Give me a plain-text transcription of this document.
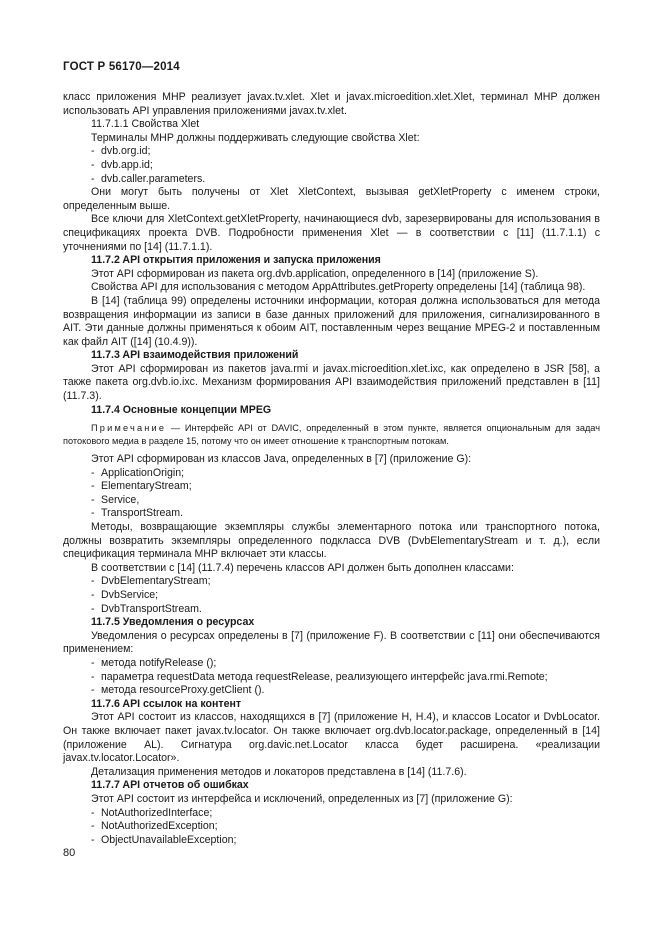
ГОСТ Р 56170—2014
класс приложения MHP реализует javax.tv.xlet. Xlet и javax.microedition.xlet.Xlet, терминал MHP должен использовать API управления приложениями javax.tv.xlet.
11.7.1.1 Свойства Xlet
Терминалы MHP должны поддерживать следующие свойства Xlet:
- dvb.org.id;
- dvb.app.id;
- dvb.caller.parameters.
Они могут быть получены от Xlet XletContext, вызывая getXletProperty с именем строки, определенным выше.
Все ключи для XletContext.getXletProperty, начинающиеся dvb, зарезервированы для использования в спецификациях проекта DVB. Подробности применения Xlet — в соответствии с [11] (11.7.1.1) с уточнениями по [14] (11.7.1.1).
11.7.2 API открытия приложения и запуска приложения
Этот API сформирован из пакета org.dvb.application, определенного в [14] (приложение S).
Свойства API для использования с методом AppAttributes.getProperty определены [14] (таблица 98).
В [14] (таблица 99) определены источники информации, которая должна использоваться для метода возвращения информации из записи в базе данных приложений для приложения, сигнализированного в AIT. Эти данные должны применяться к обоим AIT, поставленным через вещание MPEG-2 и поставленным как файл AIT ([14] (10.4.9)).
11.7.3 API взаимодействия приложений
Этот API сформирован из пакетов java.rmi и javax.microedition.xlet.ixc, как определено в JSR [58], а также пакета org.dvb.io.ixc. Механизм формирования API взаимодействия приложений представлен в [11] (11.7.3).
11.7.4 Основные концепции MPEG
Примечание — Интерфейс API от DAVIC, определенный в этом пункте, является опциональным для задач потокового медиа в разделе 15, потому что он имеет отношение к транспортным потокам.
Этот API сформирован из классов Java, определенных в [7] (приложение G):
- ApplicationOrigin;
- ElementaryStream;
- Service,
- TransportStream.
Методы, возвращающие экземпляры службы элементарного потока или транспортного потока, должны возвратить экземпляры определенного подкласса DVB (DvbElementaryStream и т. д.), если спецификация терминала MHP включает эти классы.
В соответствии с [14] (11.7.4) перечень классов API должен быть дополнен классами:
- DvbElementaryStream;
- DvbService;
- DvbTransportStream.
11.7.5 Уведомления о ресурсах
Уведомления о ресурсах определены в [7] (приложение F). В соответствии с [11] они обеспечиваются применением:
- метода notifyRelease ();
- параметра requestData метода requestRelease, реализующего интерфейс java.rmi.Remote;
- метода resourceProxy.getClient ().
11.7.6 API ссылок на контент
Этот API состоит из классов, находящихся в [7] (приложение H, H.4), и классов Locator и DvbLocator. Он также включает пакет javax.tv.locator. Он также включает org.dvb.locator.package, определенный в [14] (приложение AL). Сигнатура org.davic.net.Locator класса будет расширена. «реализации javax.tv.locator.Locator».
Детализация применения методов и локаторов представлена в [14] (11.7.6).
11.7.7 API отчетов об ошибках
Этот API состоит из интерфейса и исключений, определенных из [7] (приложение G):
- NotAuthorizedInterface;
- NotAuthorizedException;
- ObjectUnavailableException;
80
